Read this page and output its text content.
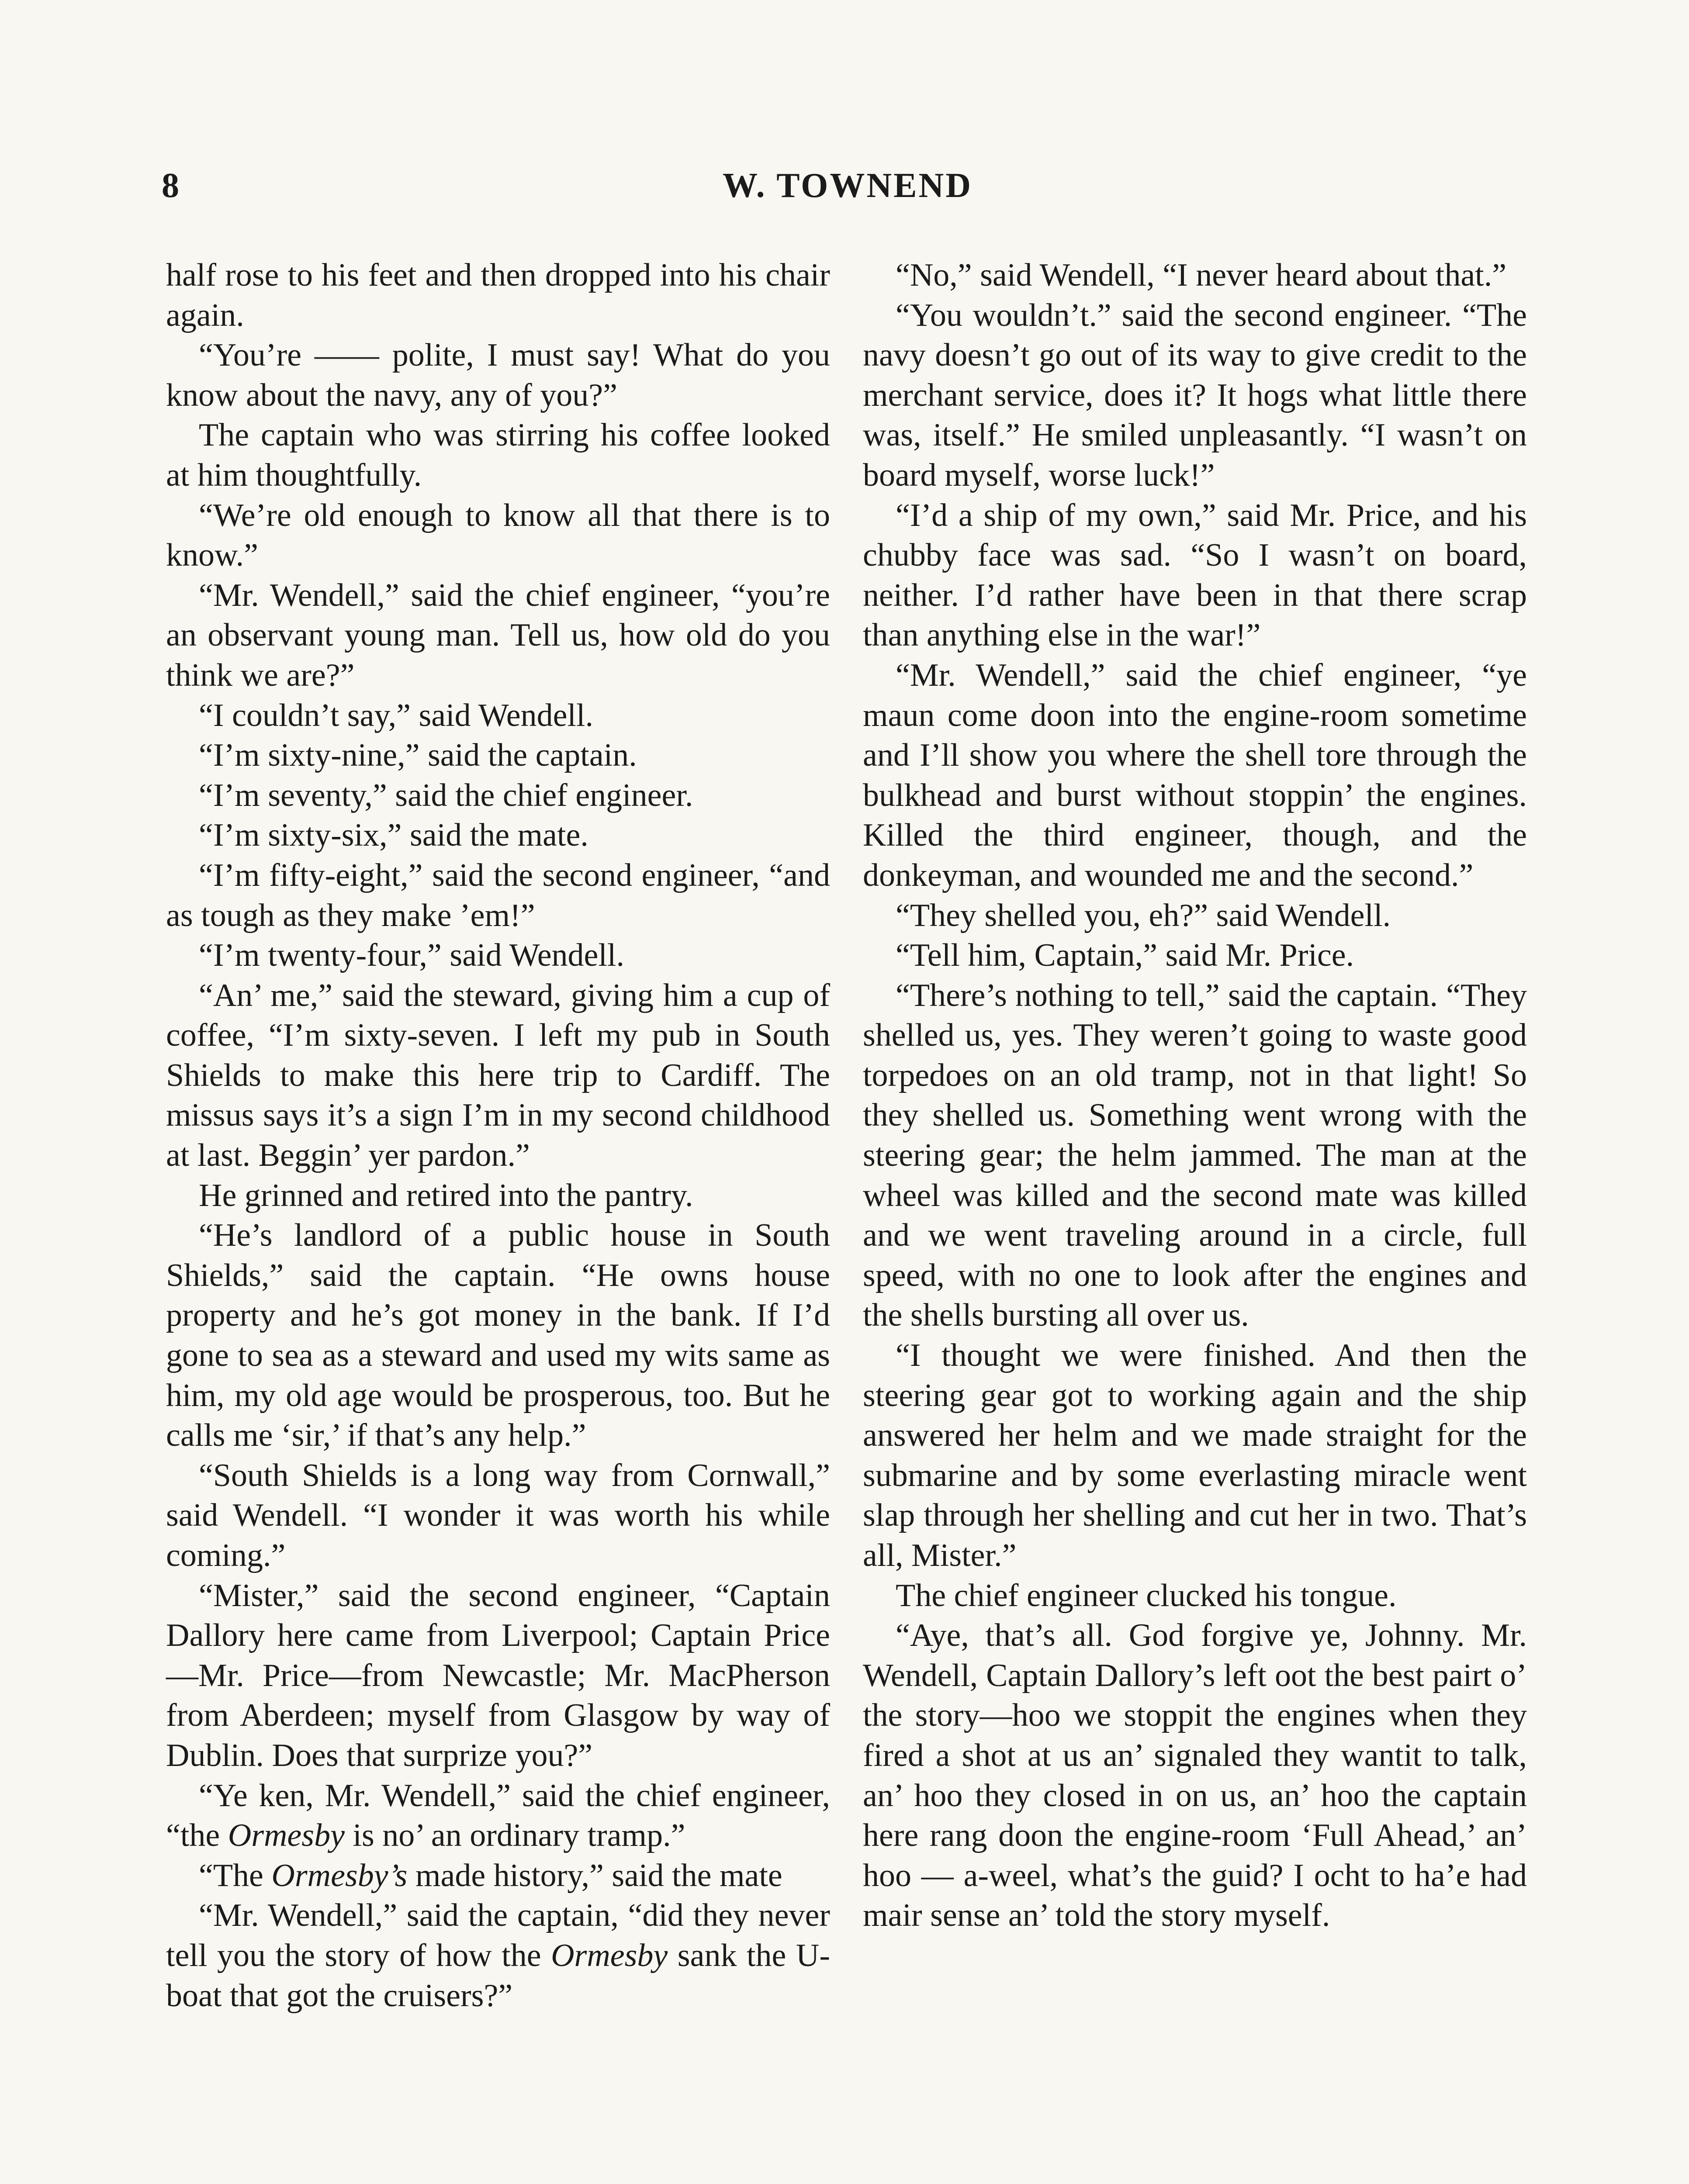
8	W. TOWNEND

half rose to his feet and then dropped into his chair again.

“You’re —— polite, I must say! What do you know about the navy, any of you?”

The captain who was stirring his coffee looked at him thoughtfully.

“We’re old enough to know all that there is to know.”

“Mr. Wendell,” said the chief engineer, “you’re an observant young man. Tell us, how old do you think we are?”

“I couldn’t say,” said Wendell.

“I’m sixty-nine,” said the captain.

“I’m seventy,” said the chief engineer.

“I’m sixty-six,” said the mate.

“I’m fifty-eight,” said the second engineer, “and as tough as they make ’em!”

“I’m twenty-four,” said Wendell.

“An’ me,” said the steward, giving him a cup of coffee, “I’m sixty-seven. I left my pub in South Shields to make this here trip to Cardiff. The missus says it’s a sign I’m in my second childhood at last. Beggin’ yer pardon.”

He grinned and retired into the pantry.

“He’s landlord of a public house in South Shields,” said the captain. “He owns house property and he’s got money in the bank. If I’d gone to sea as a steward and used my wits same as him, my old age would be prosperous, too. But he calls me ‘sir,’ if that’s any help.”

“South Shields is a long way from Cornwall,” said Wendell. “I wonder it was worth his while coming.”

“Mister,” said the second engineer, “Captain Dallory here came from Liverpool; Captain Price—Mr. Price—from Newcastle; Mr. MacPherson from Aberdeen; myself from Glasgow by way of Dublin. Does that surprize you?”

“Ye ken, Mr. Wendell,” said the chief engineer, “the Ormesby is no’ an ordinary tramp.”

“The Ormesby’s made history,” said the mate

“Mr. Wendell,” said the captain, “did they never tell you the story of how the Ormesby sank the U-boat that got the cruisers?”

“No,” said Wendell, “I never heard about that.”

“You wouldn’t.” said the second engineer. “The navy doesn’t go out of its way to give credit to the merchant service, does it? It hogs what little there was, itself.” He smiled unpleasantly. “I wasn’t on board myself, worse luck!”

“I’d a ship of my own,” said Mr. Price, and his chubby face was sad. “So I wasn’t on board, neither. I’d rather have been in that there scrap than anything else in the war!”

“Mr. Wendell,” said the chief engineer, “ye maun come doon into the engine-room sometime and I’ll show you where the shell tore through the bulkhead and burst without stoppin’ the engines. Killed the third engineer, though, and the donkeyman, and wounded me and the second.”

“They shelled you, eh?” said Wendell.

“Tell him, Captain,” said Mr. Price.

“There’s nothing to tell,” said the captain. “They shelled us, yes. They weren’t going to waste good torpedoes on an old tramp, not in that light! So they shelled us. Something went wrong with the steering gear; the helm jammed. The man at the wheel was killed and the second mate was killed and we went traveling around in a circle, full speed, with no one to look after the engines and the shells bursting all over us.

“I thought we were finished. And then the steering gear got to working again and the ship answered her helm and we made straight for the submarine and by some everlasting miracle went slap through her shelling and cut her in two. That’s all, Mister.”

The chief engineer clucked his tongue.

“Aye, that’s all. God forgive ye, Johnny. Mr. Wendell, Captain Dallory’s left oot the best pairt o’ the story—hoo we stoppit the engines when they fired a shot at us an’ signaled they wantit to talk, an’ hoo they closed in on us, an’ hoo the captain here rang doon the engine-room ‘Full Ahead,’ an’ hoo — a-weel, what’s the guid? I ocht to ha’e had mair sense an’ told the story myself.
